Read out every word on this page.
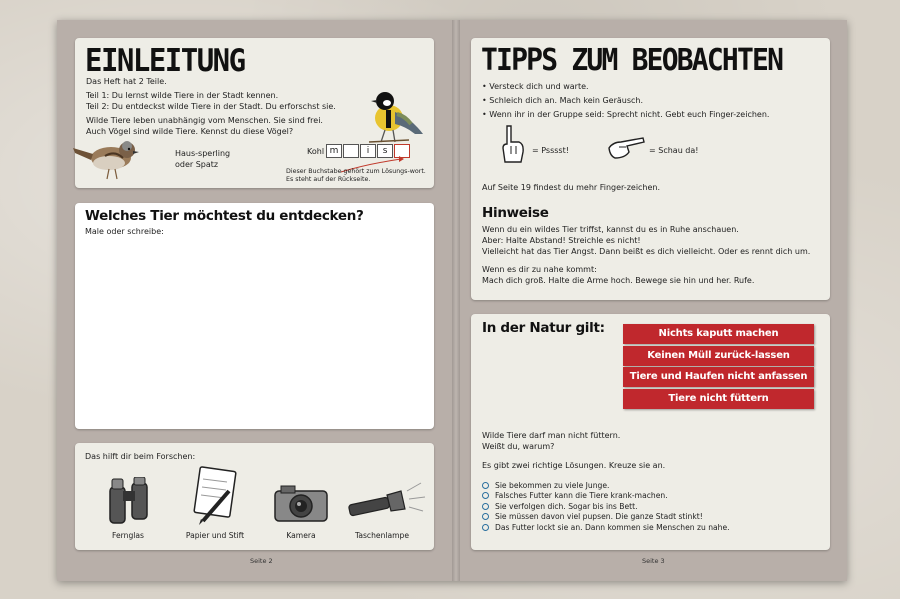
EINLEITUNG
Das Heft hat 2 Teile.
Teil 1: Du lernst wilde Tiere in der Stadt kennen.
Teil 2: Du entdeckst wilde Tiere in der Stadt. Du erforschst sie.
Wilde Tiere leben unabhängig vom Menschen. Sie sind frei.
Auch Vögel sind wilde Tiere. Kennst du diese Vögel?
Haus-sperling
oder Spatz
Kohl m	i	s
Dieser Buchstabe gehört zum Lösungs-wort.
Es steht auf der Rückseite.
Welches Tier möchtest du entdecken?
Male oder schreibe:
Das hilft dir beim Forschen:
Fernglas	Papier und Stift	Kamera	Taschenlampe
Seite 2
TIPPS ZUM BEOBACHTEN
• Versteck dich und warte.
• Schleich dich an. Mach kein Geräusch.
• Wenn ihr in der Gruppe seid: Sprecht nicht. Gebt euch Finger-zeichen.
= Psssst!	= Schau da!
Auf Seite 19 findest du mehr Finger-zeichen.
Hinweise
Wenn du ein wildes Tier triffst, kannst du es in Ruhe anschauen.
Aber: Halte Abstand! Streichle es nicht!
Vielleicht hat das Tier Angst. Dann beißt es dich vielleicht. Oder es rennt dich um.
Wenn es dir zu nahe kommt:
Mach dich groß. Halte die Arme hoch. Bewege sie hin und her. Rufe.
In der Natur gilt:	Nichts kaputt machen
Keinen Müll zurück-lassen
Tiere und Haufen nicht anfassen
Tiere nicht füttern
Wilde Tiere darf man nicht füttern.
Weißt du, warum?
Es gibt zwei richtige Lösungen. Kreuze sie an.
Sie bekommen zu viele Junge.
Falsches Futter kann die Tiere krank-machen.
Sie verfolgen dich. Sogar bis ins Bett.
Sie müssen davon viel pupsen. Die ganze Stadt stinkt!
Das Futter lockt sie an. Dann kommen sie Menschen zu nahe.
Seite 3
